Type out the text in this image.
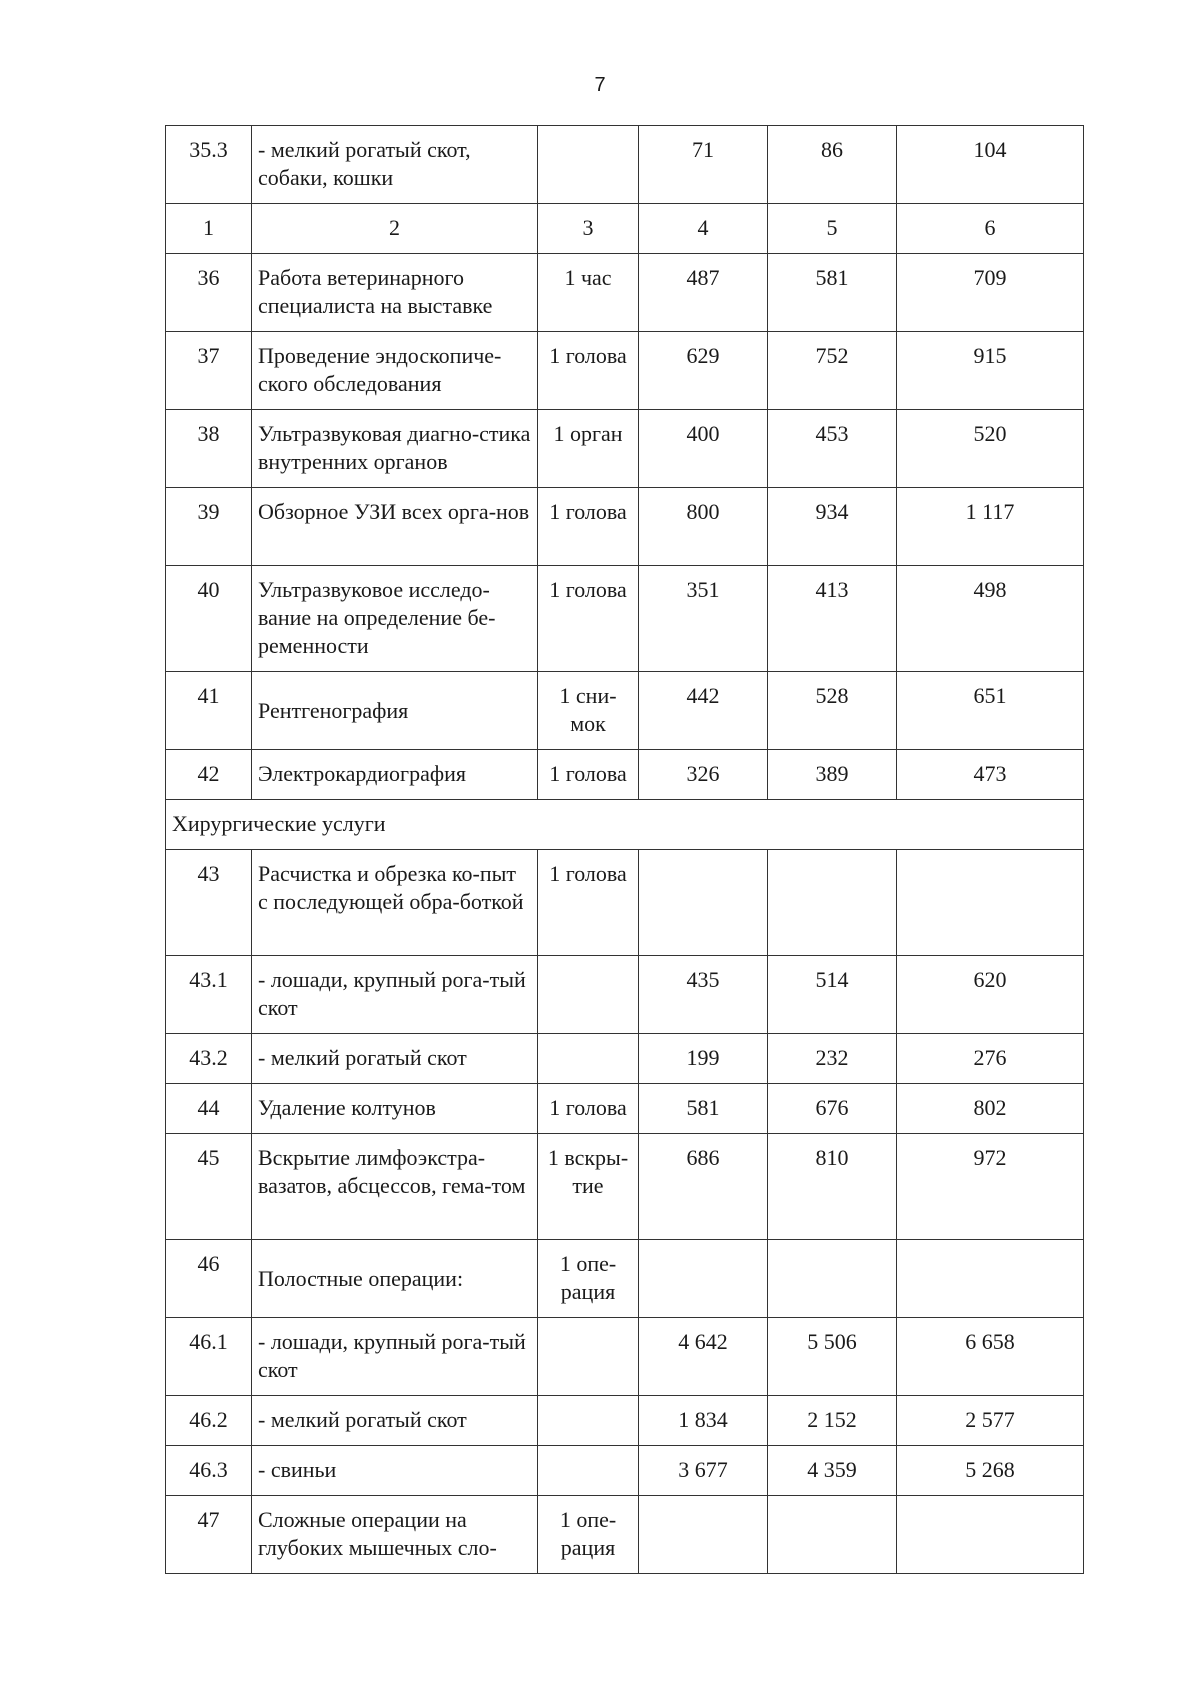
7
35.3	- мелкий рогатый скот, собаки, кошки		71	86	104
1	2	3	4	5	6
36	Работа ветеринарного специалиста на выставке	1 час	487	581	709
37	Проведение эндоскопиче-ского обследования	1 голова	629	752	915
38	Ультразвуковая диагно-стика внутренних органов	1 орган	400	453	520
39	Обзорное УЗИ всех орга-нов	1 голова	800	934	1 117
40	Ультразвуковое исследо-вание на определение бе-ременности	1 голова	351	413	498
41	Рентгенография	1 сни-мок	442	528	651
42	Электрокардиография	1 голова	326	389	473
Хирургические услуги					
43	Расчистка и обрезка ко-пыт с последующей обра-боткой	1 голова			
43.1	- лошади, крупный рога-тый скот		435	514	620
43.2	- мелкий рогатый скот		199	232	276
44	Удаление колтунов	1 голова	581	676	802
45	Вскрытие лимфоэкстра-вазатов, абсцессов, гема-том	1 вскры-тие	686	810	972
46	Полостные операции:	1 опе-рация			
46.1	- лошади, крупный рога-тый скот		4 642	5 506	6 658
46.2	- мелкий рогатый скот		1 834	2 152	2 577
46.3	- свиньи		3 677	4 359	5 268
47	Сложные операции на глубоких мышечных сло-	1 опе-рация			
